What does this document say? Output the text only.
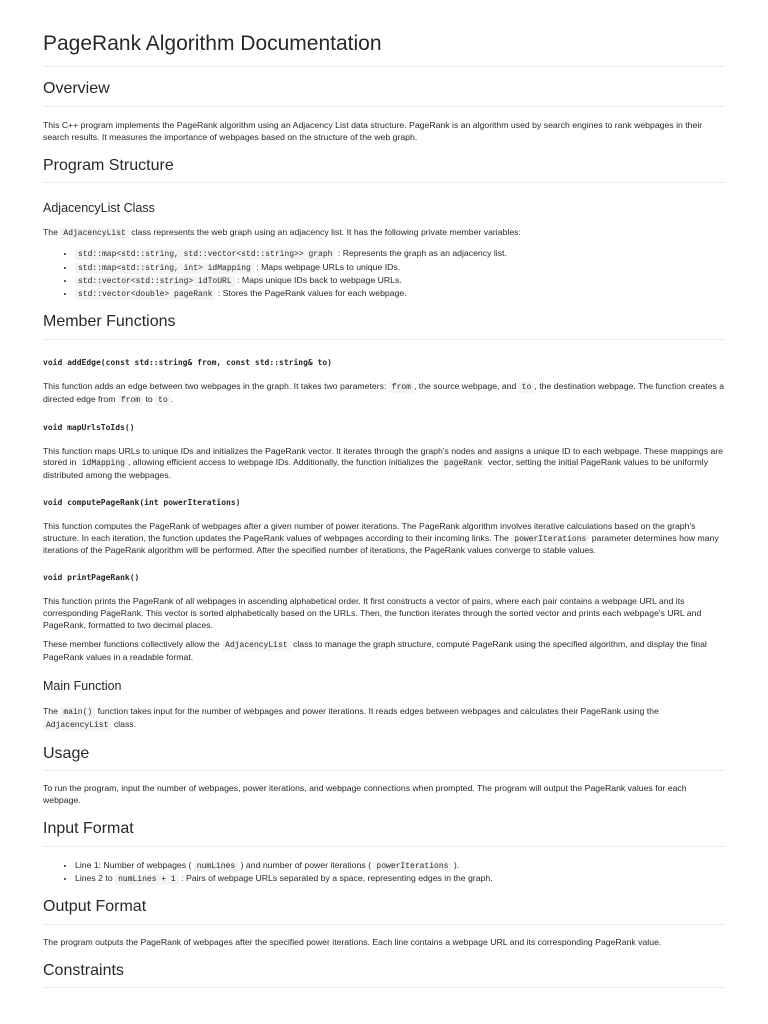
PageRank Algorithm Documentation
Overview

This C++ program implements the PageRank algorithm using an Adjacency List data structure. PageRank is an algorithm used by search engines to rank webpages in their search results. It measures the importance of webpages based on the structure of the web graph.

Program Structure
AdjacencyList Class

The AdjacencyList class represents the web graph using an adjacency list. It has the following private member variables:

• std::map<std::string, std::vector<std::string>> graph : Represents the graph as an adjacency list.
• std::map<std::string, int> idMapping : Maps webpage URLs to unique IDs.
• std::vector<std::string> idToURL : Maps unique IDs back to webpage URLs.
• std::vector<double> pageRank : Stores the PageRank values for each webpage.
Member Functions
void addEdge(const std::string& from, const std::string& to)

This function adds an edge between two webpages in the graph. It takes two parameters: from , the source webpage, and to , the destination webpage. The function creates a directed edge from from to to .

void mapUrlsToIds()

This function maps URLs to unique IDs and initializes the PageRank vector. It iterates through the graph's nodes and assigns a unique ID to each webpage. These mappings are stored in idMapping , allowing efficient access to webpage IDs. Additionally, the function initializes the pageRank vector, setting the initial PageRank values to be uniformly distributed among the webpages.

void computePageRank(int powerIterations)

This function computes the PageRank of webpages after a given number of power iterations. The PageRank algorithm involves iterative calculations based on the graph's structure. In each iteration, the function updates the PageRank values of webpages according to their incoming links. The powerIterations parameter determines how many iterations of the PageRank algorithm will be performed. After the specified number of iterations, the PageRank values converge to stable values.

void printPageRank()

This function prints the PageRank of all webpages in ascending alphabetical order. It first constructs a vector of pairs, where each pair contains a webpage URL and its corresponding PageRank. This vector is sorted alphabetically based on the URLs. Then, the function iterates through the sorted vector and prints each webpage's URL and PageRank, formatted to two decimal places.

These member functions collectively allow the AdjacencyList class to manage the graph structure, compute PageRank using the specified algorithm, and display the final PageRank values in a readable format.

Main Function

The main() function takes input for the number of webpages and power iterations. It reads edges between webpages and calculates their PageRank using the AdjacencyList class.

Usage

To run the program, input the number of webpages, power iterations, and webpage connections when prompted. The program will output the PageRank values for each webpage.

Input Format
• Line 1: Number of webpages ( numLines ) and number of power iterations ( powerIterations ).
• Lines 2 to numLines + 1 : Pairs of webpage URLs separated by a space, representing edges in the graph.
Output Format

The program outputs the PageRank of webpages after the specified power iterations. Each line contains a webpage URL and its corresponding PageRank value.

Constraints
